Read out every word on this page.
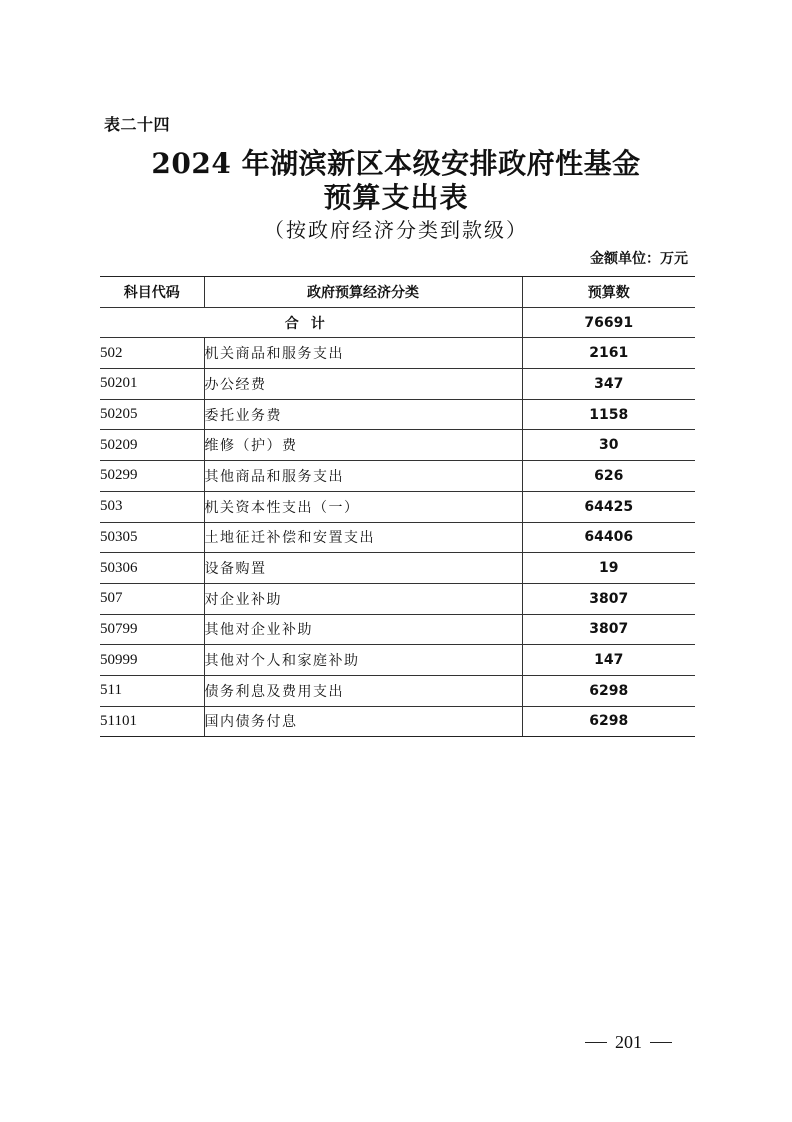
表二十四
2024 年湖滨新区本级安排政府性基金
预算支出表
（按政府经济分类到款级）
金额单位：万元
科目代码	政府预算经济分类	预算数
合计		76691
502	机关商品和服务支出	2161
50201	办公经费	347
50205	委托业务费	1158
50209	维修（护）费	30
50299	其他商品和服务支出	626
503	机关资本性支出（一）	64425
50305	土地征迁补偿和安置支出	64406
50306	设备购置	19
507	对企业补助	3807
50799	其他对企业补助	3807
50999	其他对个人和家庭补助	147
511	债务利息及费用支出	6298
51101	国内债务付息	6298
201
